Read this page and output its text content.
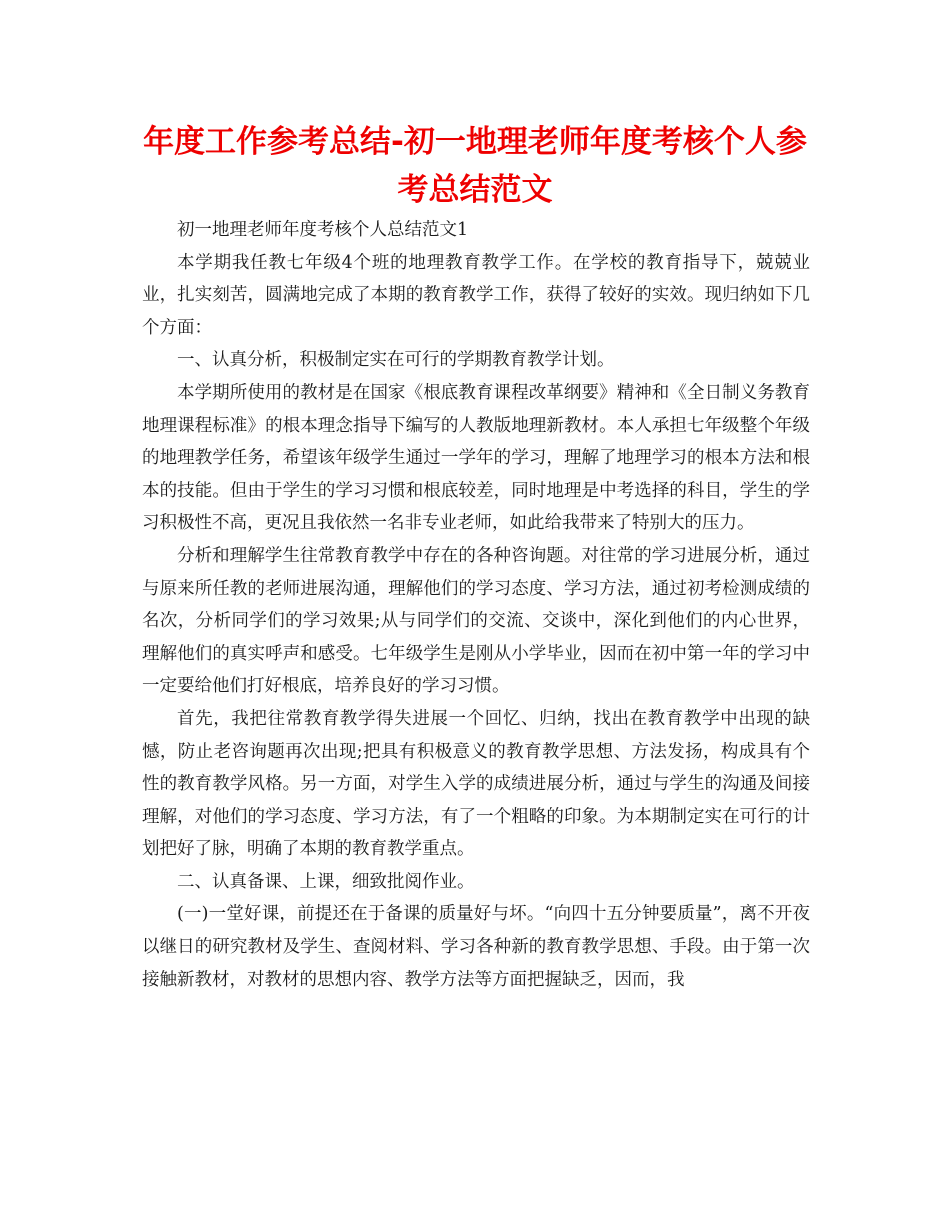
年度工作参考总结-初一地理老师年度考核个人参考总结范文

初一地理老师年度考核个人总结范文1

本学期我任教七年级4个班的地理教育教学工作。在学校的教育指导下，兢兢业业，扎实刻苦，圆满地完成了本期的教育教学工作，获得了较好的实效。现归纳如下几个方面：

一、认真分析，积极制定实在可行的学期教育教学计划。

本学期所使用的教材是在国家《根底教育课程改革纲要》精神和《全日制义务教育地理课程标准》的根本理念指导下编写的人教版地理新教材。本人承担七年级整个年级的地理教学任务，希望该年级学生通过一学年的学习，理解了地理学习的根本方法和根本的技能。但由于学生的学习习惯和根底较差，同时地理是中考选择的科目，学生的学习积极性不高，更况且我依然一名非专业老师，如此给我带来了特别大的压力。

分析和理解学生往常教育教学中存在的各种咨询题。对往常的学习进展分析，通过与原来所任教的老师进展沟通，理解他们的学习态度、学习方法，通过初考检测成绩的名次，分析同学们的学习效果;从与同学们的交流、交谈中，深化到他们的内心世界，理解他们的真实呼声和感受。七年级学生是刚从小学毕业，因而在初中第一年的学习中一定要给他们打好根底，培养良好的学习习惯。

首先，我把往常教育教学得失进展一个回忆、归纳，找出在教育教学中出现的缺憾，防止老咨询题再次出现;把具有积极意义的教育教学思想、方法发扬，构成具有个性的教育教学风格。另一方面，对学生入学的成绩进展分析，通过与学生的沟通及间接理解，对他们的学习态度、学习方法，有了一个粗略的印象。为本期制定实在可行的计划把好了脉，明确了本期的教育教学重点。

二、认真备课、上课，细致批阅作业。

(一)一堂好课，前提还在于备课的质量好与坏。“向四十五分钟要质量”，离不开夜以继日的研究教材及学生、查阅材料、学习各种新的教育教学思想、手段。由于第一次接触新教材，对教材的思想内容、教学方法等方面把握缺乏，因而，我
